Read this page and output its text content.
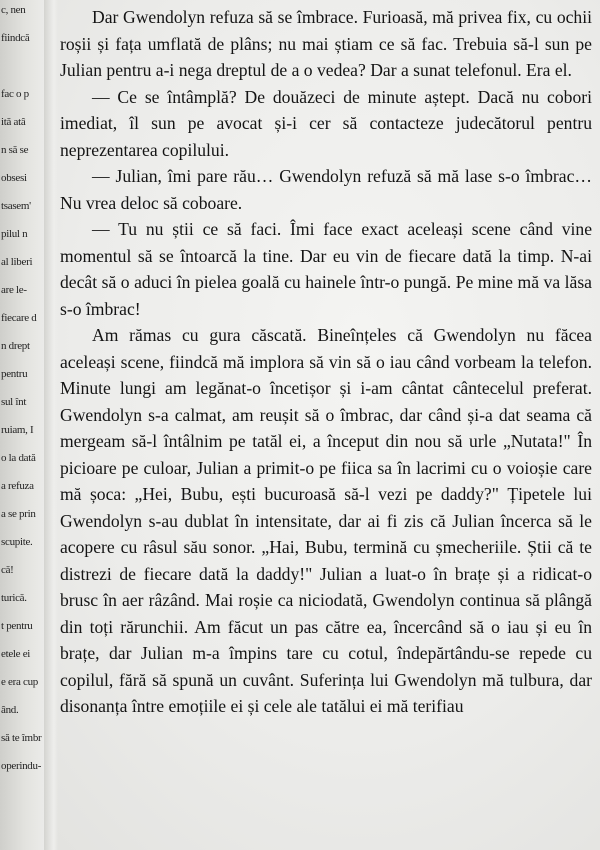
c, nen
fiindcă
fac o p
ită atâ
n să se
obsesi
tsasem'
pilul n
al liberi
are le-
fiecare d
n drept
pentru
sul înt
ruiam, I
o la dată
a refuza
a se prin
scupite.
că!
turică.
t pentru
etele ei
e era cup
ând.
să te îmbr
operindu-

Dar Gwendolyn refuza să se îmbrace. Furioasă, mă privea fix, cu ochii roșii și fața umflată de plâns; nu mai știam ce să fac. Trebuia să-l sun pe Julian pentru a-i nega dreptul de a o vedea? Dar a sunat telefonul. Era el.

— Ce se întâmplă? De douăzeci de minute aștept. Dacă nu cobori imediat, îl sun pe avocat și-i cer să contacteze judecătorul pentru neprezentarea copilului.

— Julian, îmi pare rău… Gwendolyn refuză să mă lase s-o îmbrac… Nu vrea deloc să coboare.

— Tu nu știi ce să faci. Îmi face exact aceleași scene când vine momentul să se întoarcă la tine. Dar eu vin de fiecare dată la timp. N-ai decât să o aduci în pielea goală cu hainele într-o pungă. Pe mine mă va lăsa s-o îmbrac!

Am rămas cu gura căscată. Bineînțeles că Gwendolyn nu făcea aceleași scene, fiindcă mă implora să vin să o iau când vorbeam la telefon. Minute lungi am legănat-o încetișor și i-am cântat cântecelul preferat. Gwendolyn s-a calmat, am reușit să o îmbrac, dar când și-a dat seama că mergeam să-l întâlnim pe tatăl ei, a început din nou să urle „Nutata!" În picioare pe culoar, Julian a primit-o pe fiica sa în lacrimi cu o voioșie care mă șoca: „Hei, Bubu, ești bucuroasă să-l vezi pe daddy?" Țipetele lui Gwendolyn s-au dublat în intensitate, dar ai fi zis că Julian încerca să le acopere cu râsul său sonor. „Hai, Bubu, termină cu șmecheriile. Știi că te distrezi de fiecare dată la daddy!" Julian a luat-o în brațe și a ridicat-o brusc în aer râzând. Mai roșie ca niciodată, Gwendolyn continua să plângă din toți rărunchii. Am făcut un pas către ea, încercând să o iau și eu în brațe, dar Julian m-a împins tare cu cotul, îndepărtându-se repede cu copilul, fără să spună un cuvânt. Suferința lui Gwendolyn mă tulbura, dar disonanța între emoțiile ei și cele ale tatălui ei mă terifiau
